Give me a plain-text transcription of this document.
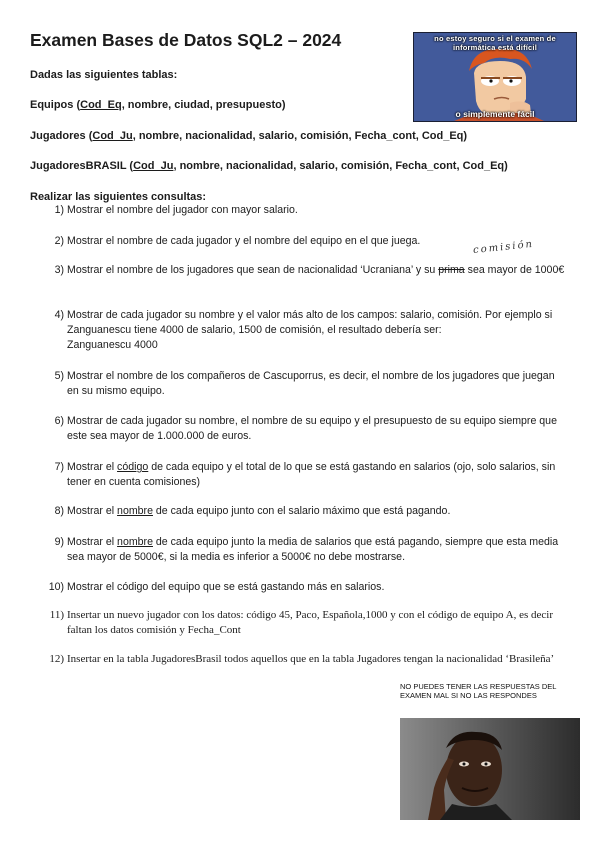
Examen Bases de Datos SQL2 – 2024	no estoy seguro si el examen de informática está difícil
o simplemente fácil
Dadas las siguientes tablas:
Equipos (Cod_Eq, nombre, ciudad, presupuesto)
Jugadores (Cod_Ju, nombre, nacionalidad, salario, comisión, Fecha_cont, Cod_Eq)
JugadoresBRASIL (Cod_Ju, nombre, nacionalidad, salario, comisión, Fecha_cont, Cod_Eq)
Realizar las siguientes consultas:
1) Mostrar el nombre del jugador con mayor salario.
2) Mostrar el nombre de cada jugador y el nombre del equipo en el que juega.	comisión
3) Mostrar el nombre de los jugadores que sean de nacionalidad ‘Ucraniana’ y su prima sea mayor de 1000€
4) Mostrar de cada jugador su nombre y el valor más alto de los campos: salario, comisión. Por ejemplo si Zanguanescu tiene 4000 de salario, 1500 de comisión, el resultado debería ser:
Zanguanescu 4000
5) Mostrar el nombre de los compañeros de Cascuporrus, es decir, el nombre de los jugadores que juegan en su mismo equipo.
6) Mostrar de cada jugador su nombre, el nombre de su equipo y el presupuesto de su equipo siempre que este sea mayor de 1.000.000 de euros.
7) Mostrar el código de cada equipo y el total de lo que se está gastando en salarios (ojo, solo salarios, sin tener en cuenta comisiones)
8) Mostrar el nombre de cada equipo junto con el salario máximo que está pagando.
9) Mostrar el nombre de cada equipo junto la media de salarios que está pagando, siempre que esta media sea mayor de 5000€, si la media es inferior a 5000€ no debe mostrarse.
10) Mostrar el código del equipo que se está gastando más en salarios.
11) Insertar un nuevo jugador con los datos: código 45, Paco, Española,1000 y con el código de equipo A, es decir faltan los datos comisión y Fecha_Cont
12) Insertar en la tabla JugadoresBrasil todos aquellos que en la tabla Jugadores tengan la nacionalidad ‘Brasileña’
NO PUEDES TENER LAS RESPUESTAS DEL EXAMEN MAL SI NO LAS RESPONDES
